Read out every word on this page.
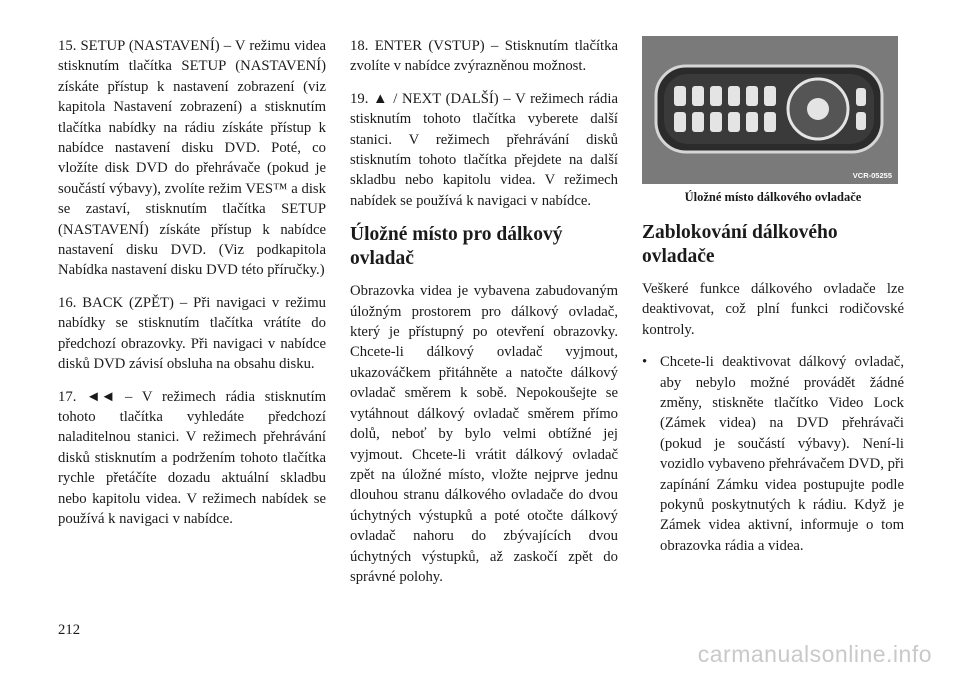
15. SETUP (NASTAVENÍ) – V režimu videa stisknutím tlačítka SETUP (NASTAVENÍ) získáte přístup k nastavení zobrazení (viz kapitola Nastavení zobrazení) a stisknutím tlačítka nabídky na rádiu získáte přístup k nabídce nastavení disku DVD. Poté, co vložíte disk DVD do přehrávače (pokud je součástí výbavy), zvolíte režim VES™ a disk se zastaví, stisknutím tlačítka SETUP (NASTAVENÍ) získáte přístup k nabídce nastavení disku DVD. (Viz podkapitola Nabídka nastavení disku DVD této příručky.)

16. BACK (ZPĚT) – Při navigaci v režimu nabídky se stisknutím tlačítka vrátíte do předchozí obrazovky. Při navigaci v nabídce disků DVD závisí obsluha na obsahu disku.

17. ◄◄ – V režimech rádia stisknutím tohoto tlačítka vyhledáte předchozí naladitelnou stanici. V režimech přehrávání disků stisknutím a podržením tohoto tlačítka rychle přetáčíte dozadu aktuální skladbu nebo kapitolu videa. V režimech nabídek se používá k navigaci v nabídce.

18. ENTER (VSTUP) – Stisknutím tlačítka zvolíte v nabídce zvýrazněnou možnost.

19. ▲ / NEXT (DALŠÍ) – V režimech rádia stisknutím tohoto tlačítka vyberete další stanici. V režimech přehrávání disků stisknutím tohoto tlačítka přejdete na další skladbu nebo kapitolu videa. V režimech nabídek se používá k navigaci v nabídce.

Úložné místo pro dálkový ovladač

Obrazovka videa je vybavena zabudovaným úložným prostorem pro dálkový ovladač, který je přístupný po otevření obrazovky. Chcete-li dálkový ovladač vyjmout, ukazováčkem přitáhněte a natočte dálkový ovladač směrem k sobě. Nepokoušejte se vytáhnout dálkový ovladač směrem přímo dolů, neboť by bylo velmi obtížné jej vyjmout. Chcete-li vrátit dálkový ovladač zpět na úložné místo, vložte nejprve jednu dlouhou stranu dálkového ovladače do dvou úchytných výstupků a poté otočte dálkový ovladač nahoru do zbývajících dvou úchytných výstupků, až zaskočí zpět do správné polohy.

VCR-05255

Úložné místo dálkového ovladače

Zablokování dálkového ovladače

Veškeré funkce dálkového ovladače lze deaktivovat, což plní funkci rodičovské kontroly.

• Chcete-li deaktivovat dálkový ovladač, aby nebylo možné provádět žádné změny, stiskněte tlačítko Video Lock (Zámek videa) na DVD přehrávači (pokud je součástí výbavy). Není-li vozidlo vybaveno přehrávačem DVD, při zapínání Zámku videa postupujte podle pokynů poskytnutých k rádiu. Když je Zámek videa aktivní, informuje o tom obrazovka rádia a videa.

212
carmanualsonline.info
